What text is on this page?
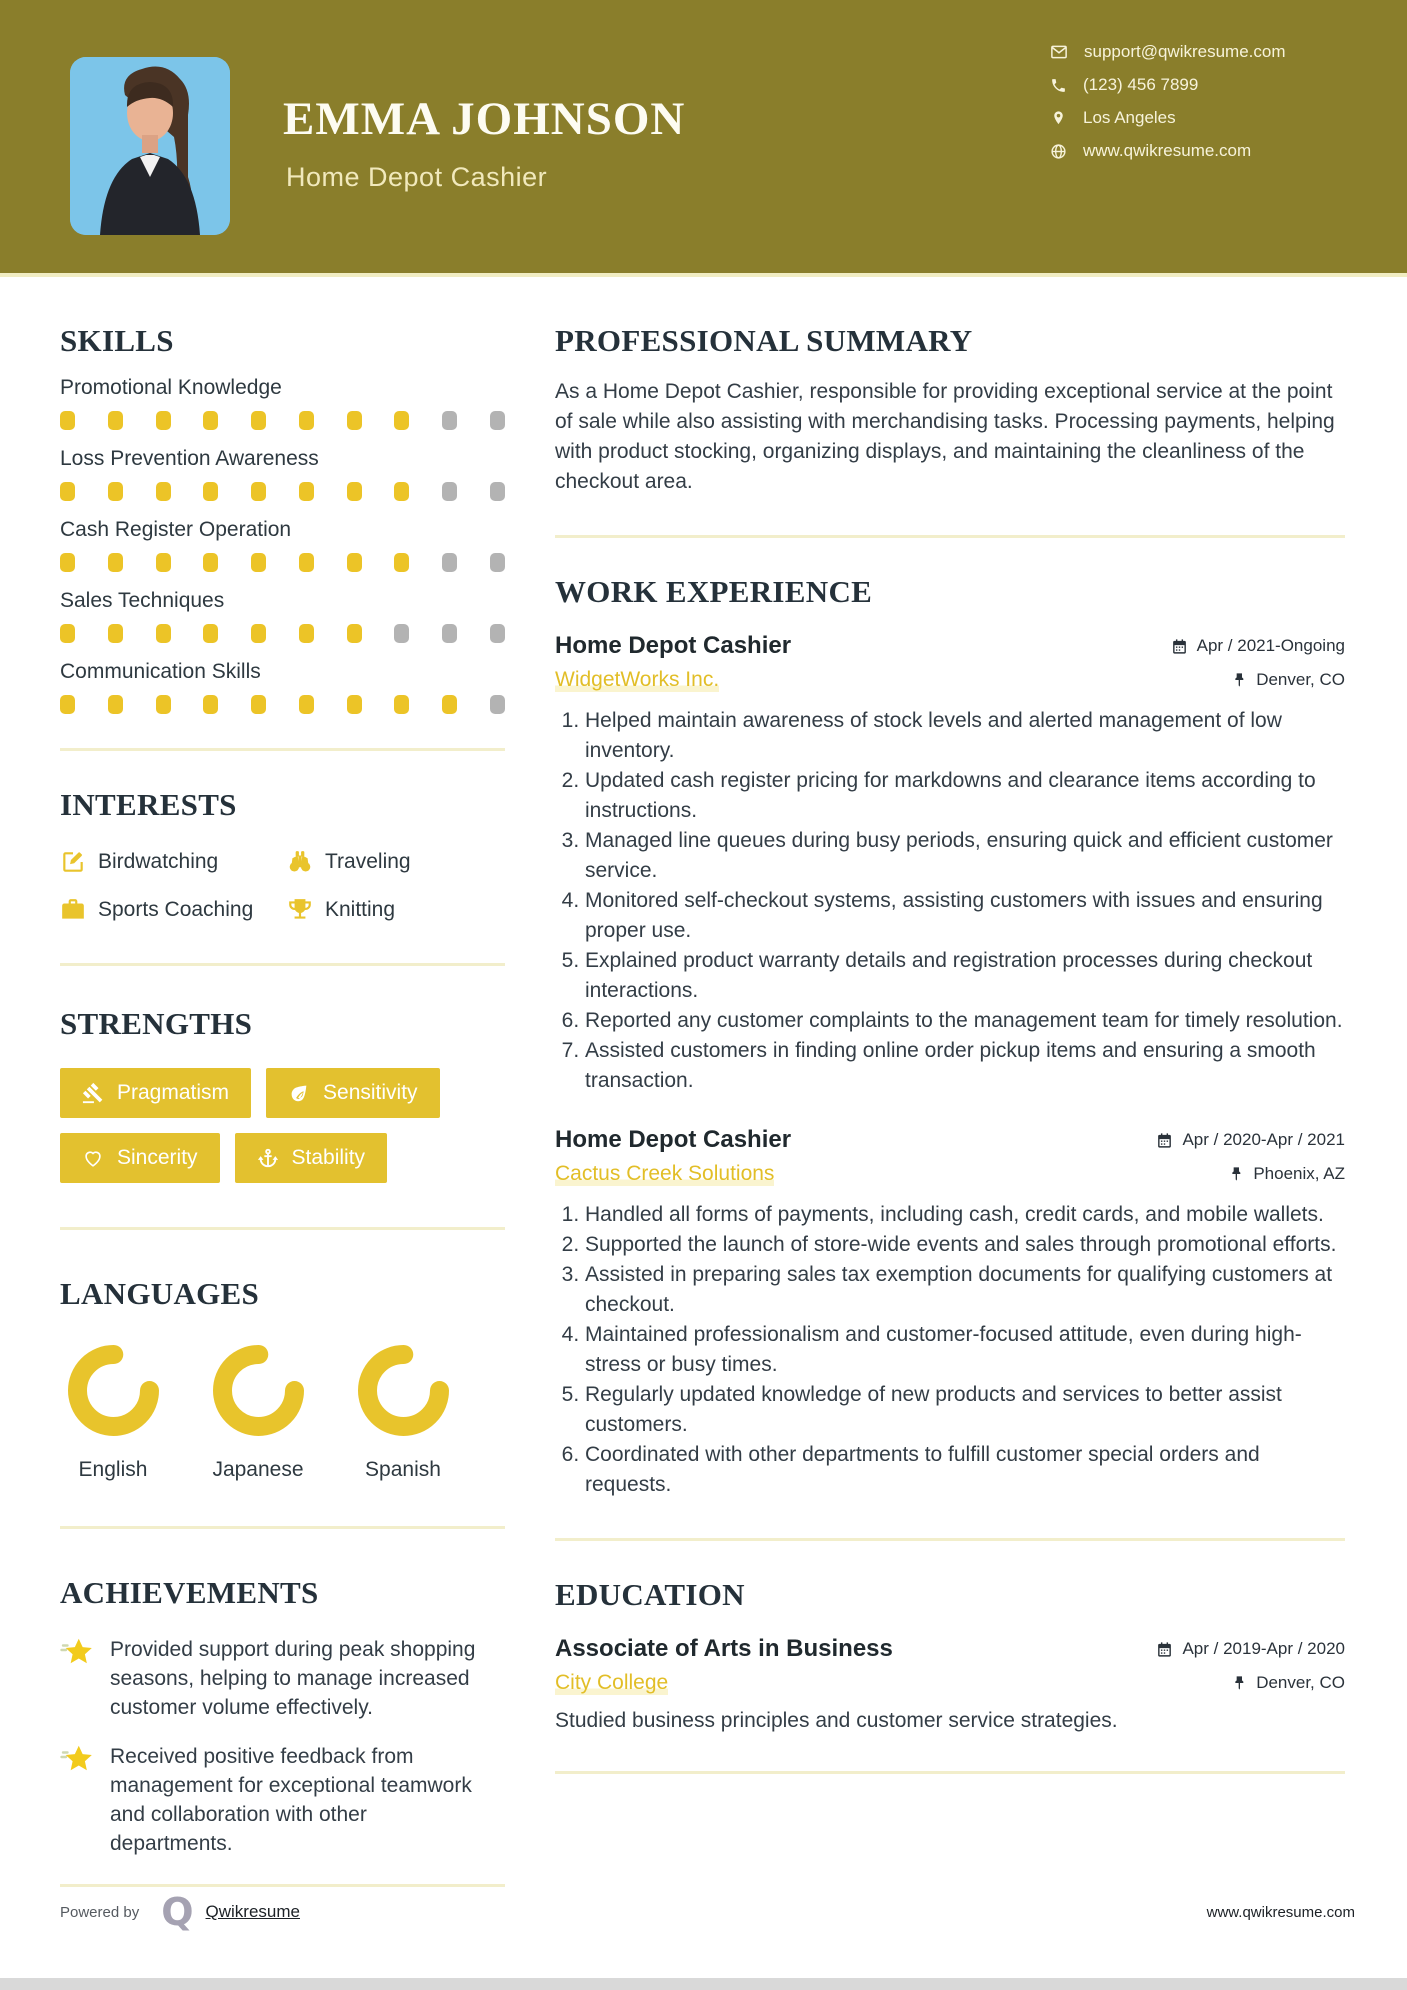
EMMA JOHNSON
Home Depot Cashier
support@qwikresume.com
(123) 456 7899
Los Angeles
www.qwikresume.com
SKILLS
Promotional Knowledge
Loss Prevention Awareness
Cash Register Operation
Sales Techniques
Communication Skills
INTERESTS
Birdwatching	Traveling
Sports Coaching	Knitting
STRENGTHS
Pragmatism	Sensitivity
Sincerity	Stability
LANGUAGES
English	Japanese	Spanish
ACHIEVEMENTS
Provided support during peak shopping seasons, helping to manage increased customer volume effectively.
Received positive feedback from management for exceptional teamwork and collaboration with other departments.
PROFESSIONAL SUMMARY

As a Home Depot Cashier, responsible for providing exceptional service at the point of sale while also assisting with merchandising tasks. Processing payments, helping with product stocking, organizing displays, and maintaining the cleanliness of the checkout area.

WORK EXPERIENCE
Home Depot Cashier	Apr / 2021-Ongoing
WidgetWorks Inc.	Denver, CO
1. Helped maintain awareness of stock levels and alerted management of low inventory.
2. Updated cash register pricing for markdowns and clearance items according to instructions.
3. Managed line queues during busy periods, ensuring quick and efficient customer service.
4. Monitored self-checkout systems, assisting customers with issues and ensuring proper use.
5. Explained product warranty details and registration processes during checkout interactions.
6. Reported any customer complaints to the management team for timely resolution.
7. Assisted customers in finding online order pickup items and ensuring a smooth transaction.
Home Depot Cashier	Apr / 2020-Apr / 2021
Cactus Creek Solutions	Phoenix, AZ
1. Handled all forms of payments, including cash, credit cards, and mobile wallets.
2. Supported the launch of store-wide events and sales through promotional efforts.
3. Assisted in preparing sales tax exemption documents for qualifying customers at checkout.
4. Maintained professionalism and customer-focused attitude, even during high-stress or busy times.
5. Regularly updated knowledge of new products and services to better assist customers.
6. Coordinated with other departments to fulfill customer special orders and requests.
EDUCATION
Associate of Arts in Business	Apr / 2019-Apr / 2020
City College	Denver, CO
Studied business principles and customer service strategies.
Powered by Q Qwikresume	www.qwikresume.com
